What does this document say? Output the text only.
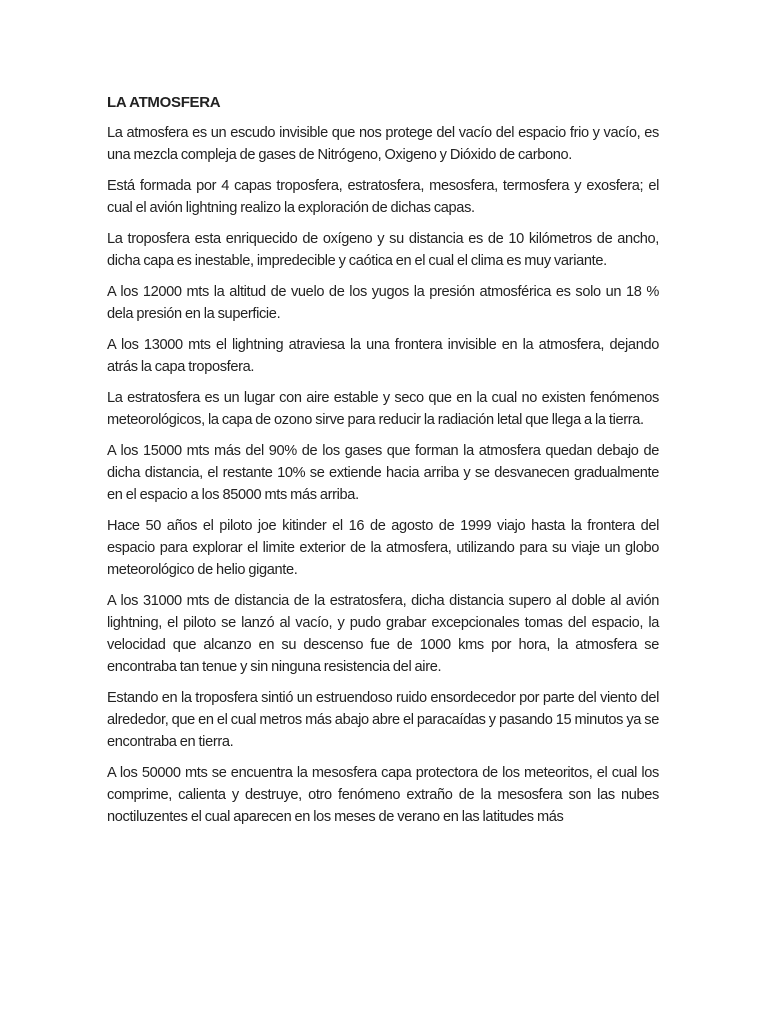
LA ATMOSFERA

La atmosfera es un escudo invisible que nos protege del vacío del espacio frio y vacío, es una mezcla compleja de gases de Nitrógeno, Oxigeno y Dióxido de carbono.

Está formada por 4 capas troposfera, estratosfera, mesosfera, termosfera y exosfera; el cual el avión lightning realizo la exploración de dichas capas.

La troposfera esta enriquecido de oxígeno y su distancia es de 10 kilómetros de ancho, dicha capa es inestable, impredecible y caótica en el cual el clima es muy variante.

A los 12000 mts la altitud de vuelo de los yugos la presión atmosférica es solo un 18 % dela presión en la superficie.

A los 13000 mts el lightning atraviesa la una frontera invisible en la atmosfera, dejando atrás la capa troposfera.

La estratosfera es un lugar con aire estable y seco que en la cual no existen fenómenos meteorológicos, la capa de ozono sirve para reducir la radiación letal que llega a la tierra.

A los 15000 mts más del 90% de los gases que forman la atmosfera quedan debajo de dicha distancia, el restante 10% se extiende hacia arriba y se desvanecen gradualmente en el espacio a los 85000 mts más arriba.

Hace 50 años el piloto joe kitinder el 16 de agosto de 1999 viajo hasta la frontera del espacio para explorar el limite exterior de la atmosfera, utilizando para su viaje un globo meteorológico de helio gigante.

A los 31000 mts de distancia de la estratosfera, dicha distancia supero al doble al avión lightning, el piloto se lanzó al vacío, y pudo grabar excepcionales tomas del espacio, la velocidad que alcanzo en su descenso fue de 1000 kms por hora, la atmosfera se encontraba tan tenue y sin ninguna resistencia del aire.

Estando en la troposfera sintió un estruendoso ruido ensordecedor por parte del viento del alrededor, que en el cual metros más abajo abre el paracaídas y pasando 15 minutos ya se encontraba en tierra.

A los 50000 mts se encuentra la mesosfera capa protectora de los meteoritos, el cual los comprime, calienta y destruye, otro fenómeno extraño de la mesosfera son las nubes noctiluzentes el cual aparecen en los meses de verano en las latitudes más
